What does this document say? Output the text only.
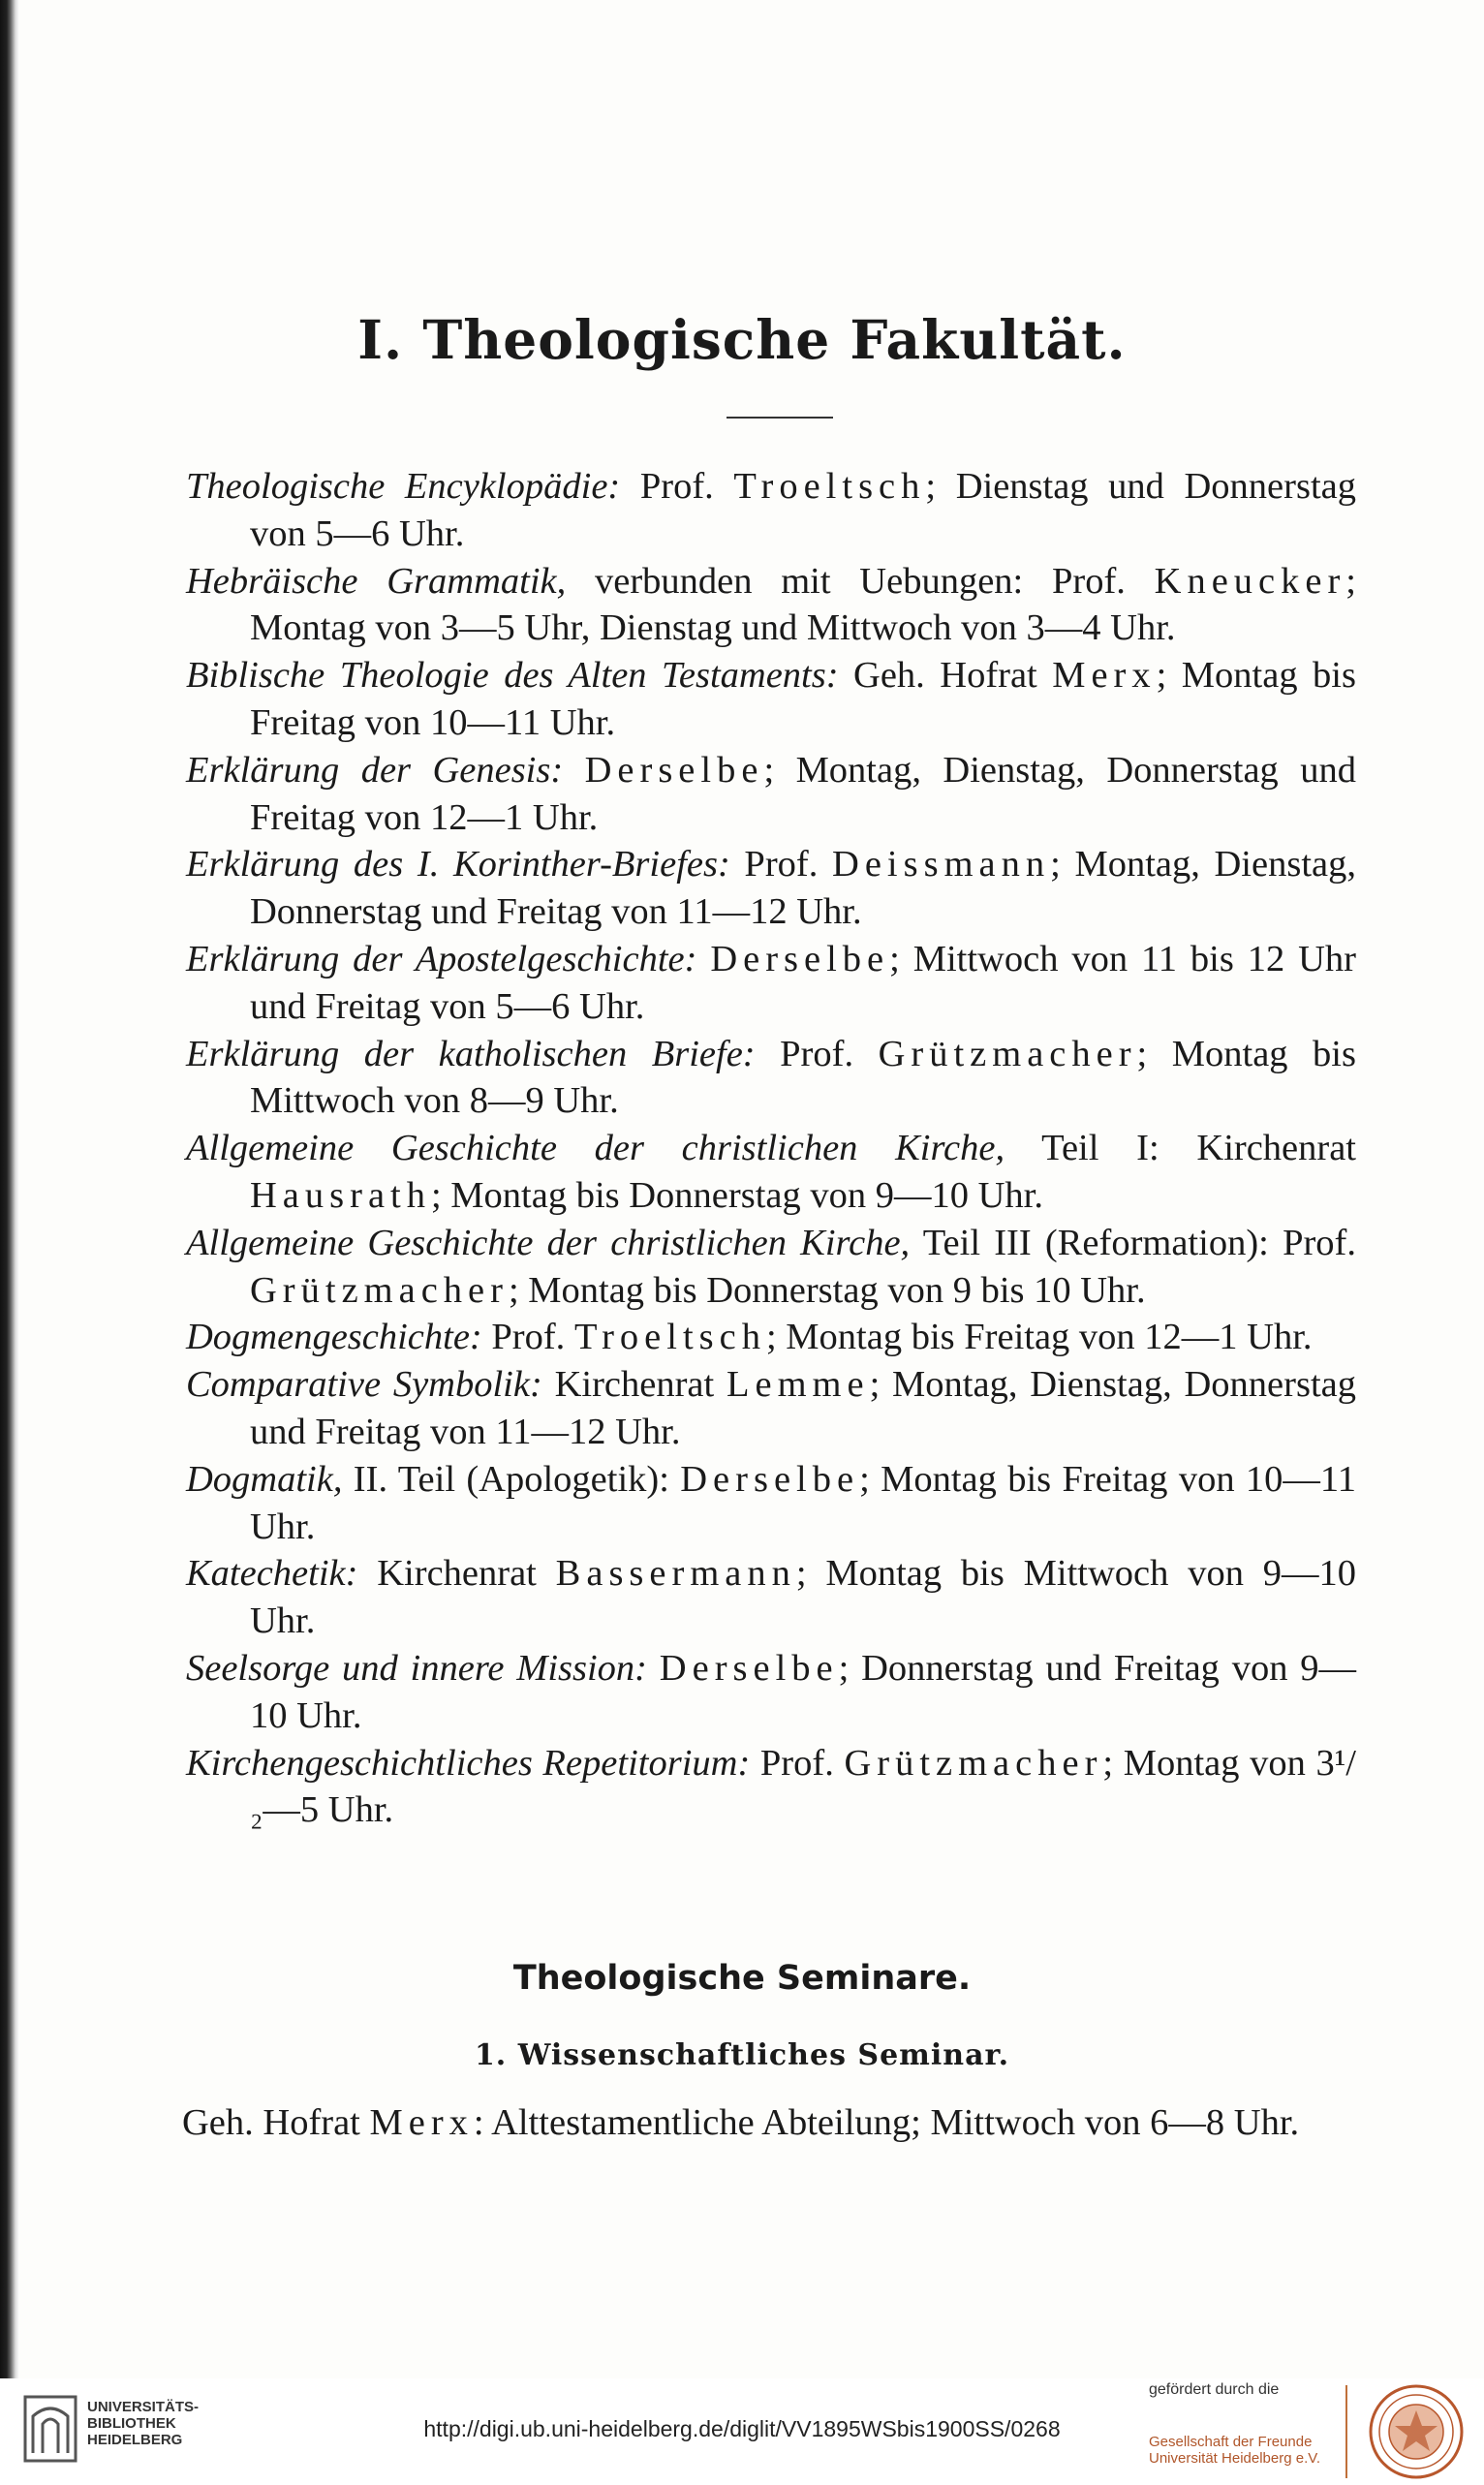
I. Theologische Fakultät.

Theologische Encyklopädie: Prof. Troeltsch; Dienstag und Donnerstag von 5—6 Uhr.

Hebräische Grammatik, verbunden mit Uebungen: Prof. Kneucker; Montag von 3—5 Uhr, Dienstag und Mittwoch von 3—4 Uhr.

Biblische Theologie des Alten Testaments: Geh. Hofrat Merx; Montag bis Freitag von 10—11 Uhr.

Erklärung der Genesis: Derselbe; Montag, Dienstag, Donnerstag und Freitag von 12—1 Uhr.

Erklärung des I. Korinther-Briefes: Prof. Deissmann; Montag, Dienstag, Donnerstag und Freitag von 11—12 Uhr.

Erklärung der Apostelgeschichte: Derselbe; Mittwoch von 11 bis 12 Uhr und Freitag von 5—6 Uhr.

Erklärung der katholischen Briefe: Prof. Grützmacher; Montag bis Mittwoch von 8—9 Uhr.

Allgemeine Geschichte der christlichen Kirche, Teil I: Kirchenrat Hausrath; Montag bis Donnerstag von 9—10 Uhr.

Allgemeine Geschichte der christlichen Kirche, Teil III (Reformation): Prof. Grützmacher; Montag bis Donnerstag von 9 bis 10 Uhr.

Dogmengeschichte: Prof. Troeltsch; Montag bis Freitag von 12—1 Uhr.

Comparative Symbolik: Kirchenrat Lemme; Montag, Dienstag, Donnerstag und Freitag von 11—12 Uhr.

Dogmatik, II. Teil (Apologetik): Derselbe; Montag bis Freitag von 10—11 Uhr.

Katechetik: Kirchenrat Bassermann; Montag bis Mittwoch von 9—10 Uhr.

Seelsorge und innere Mission: Derselbe; Donnerstag und Freitag von 9—10 Uhr.

Kirchengeschichtliches Repetitorium: Prof. Grützmacher; Montag von 3¹/₂—5 Uhr.

Theologische Seminare.
1. Wissenschaftliches Seminar.

Geh. Hofrat Merx: Alttestamentliche Abteilung; Mittwoch von 6—8 Uhr.

UNIVERSITÄTS-
BIBLIOTHEK
HEIDELBERG	http://digi.ub.uni-heidelberg.de/diglit/VV1895WSbis1900SS/0268
gefördert durch die
Gesellschaft der Freunde
Universität Heidelberg e.V.
